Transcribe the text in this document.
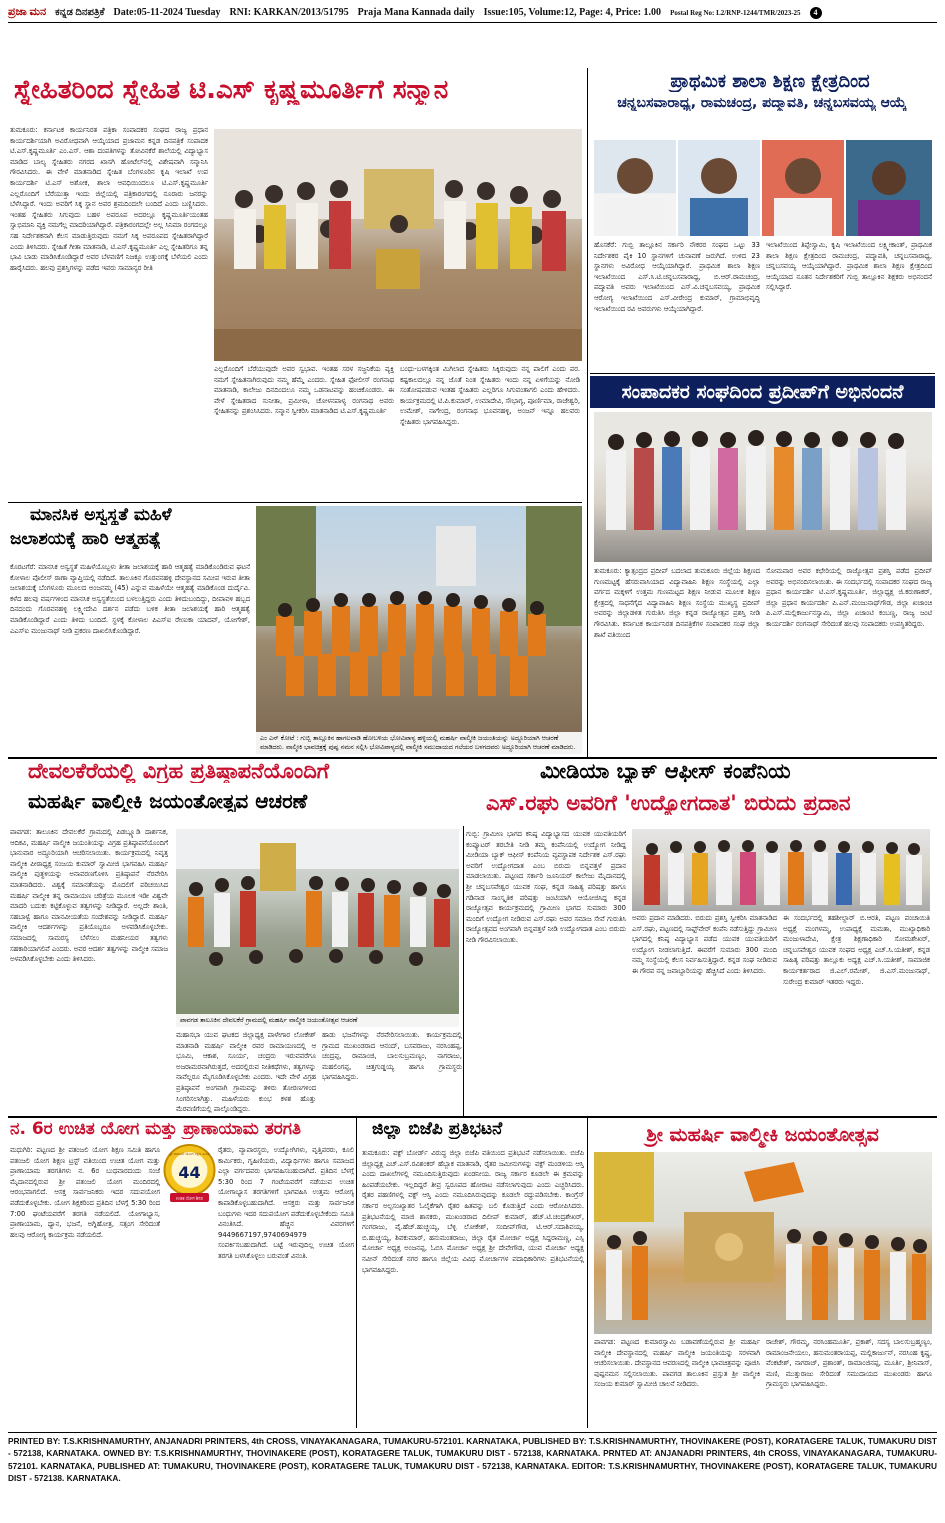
ಪ್ರಜಾ ಮನ ಕನ್ನಡ ದಿನಪತ್ರಿಕೆ Date:05-11-2024 Tuesday RNI: KARKAN/2013/51795 Praja Mana Kannada daily Issue:105, Volume:12, Page: 4, Price: 1.00 Postal Reg No: L2/RNP-1244/TMR/2023-25	4
ಸ್ನೇಹಿತರಿಂದ ಸ್ನೇಹಿತ ಟಿ.ಎಸ್ ಕೃಷ್ಣಮೂರ್ತಿಗೆ ಸನ್ಮಾನ
ತುಮಕೂರು: ಕರ್ನಾಟಕ ಕಾರ್ಯನಿರತ ಪತ್ರಿಕಾ ಸಂಪಾದಕರ ಸಂಘದ ರಾಜ್ಯ ಪ್ರಧಾನ ಕಾರ್ಯದರ್ಶಿಯಾಗಿ ಅವಿರೋಧವಾಗಿ ಆಯ್ಕೆಯಾದ ಪ್ರಜಾಮನ ಕನ್ನಡ ದಿನಪತ್ರಿಕೆ ಸಂಪಾದಕ ಟಿ.ಎಸ್.ಕೃಷ್ಣಮೂರ್ತಿ ಎಂ.ಎಸ್. ಆಶಾ ದಂಪತಿಗಳನ್ನು ತೋವಿನಕೆರೆ ಶಾಲೆಯಲ್ಲಿ ವಿದ್ಯಾಭ್ಯಾಸ ಮಾಡಿದ ಬಾಲ್ಯ ಸ್ನೇಹಿತರು ನಗರದ ಖಾಸಗಿ ಹೋಟೆಲ್‌ನಲ್ಲಿ ವಿಶೇಷವಾಗಿ ಸನ್ಮಾನಿಸಿ ಗೌರವಿಸಿದರು. ಈ ವೇಳೆ ಮಾತನಾಡಿದ ಸ್ನೇಹಿತ ಬೆಂಗಳೂರಿನ ಕೃಷಿ ಇಲಾಖೆ ಉಪ ಕಾರ್ಯದರ್ಶಿ ಟಿ.ಎಸ್ ಅಶೋಕ, ಶಾಲಾ ಆವಧಿಯಿಂದಲೂ ಟಿ.ಎಸ್.ಕೃಷ್ಣಮೂರ್ತಿ ಎಲ್ಲರೊಂದಿಗೆ ಬೆರೆಯುತ್ತಾ ಇಂದು ಜಿಲ್ಲೆಯಲ್ಲಿ ಪತ್ರಿಕಾರಂಗದಲ್ಲಿ ನೂರಾರು ಜನರನ್ನು ಬೆಳೆಸಿದ್ದಾರೆ. ಇಂದು ಅವರಿಗೆ ಸಿಕ್ಕ ಸ್ಥಾನ ಅವರ ಶ್ರಮದಿಂದಲೇ ಬಂದಿದೆ ಎಂದು ಬಣ್ಣಿಸಿದರು. ಇಂತಹ ಸ್ನೇಹಿತರು ಸಿಗುವುದು ಬಹಳ ಅಪರೂಪ ಅದರಲ್ಲೂ ಕೃಷ್ಣಮೂರ್ತಿಯಂತಹ ಸ್ವಾಭಿಮಾನಿ ವ್ಯಕ್ತಿ ನಮಗೆಲ್ಲ ಮಾದರಿಯಾಗಿದ್ದಾರೆ. ಪತ್ರಿಕಾರಂಗದಲ್ಲೇ ಅಲ್ಲ ಸಿನಿಮಾ ರಂಗದಲ್ಲೂ ಸಹ ನಿರ್ದೇಶಕನಾಗಿ ಕೆಲಸ ಮಾಡುತ್ತಿರುವುದು ನಮಗೆ ಸಿಕ್ಕ ಅಪರೂಪದ ಸ್ನೇಹಿತರಾಗಿದ್ದಾರೆ ಎಂದು ತಿಳಿಸಿದರು. ಸ್ನೇಹಿತೆ ಗೀತಾ ಮಾತನಾಡಿ, ಟಿ.ಎಸ್.ಕೃಷ್ಣಮೂರ್ತಿ ಎಲ್ಲ ಸ್ನೇಹಿತರಿಗೂ ತನ್ನ ಭಾವಿ ಬಾಡು ಮಾಡಿಸಿಕೊಂಡಿದ್ದಾರೆ ಅವರ ಬೆಳವಣಿಗೆ ನಿಜಕ್ಕೂ ಉತ್ತುಂಗಕ್ಕೆ ಬೆಳೆಯಲಿ ಎಂದು ಹಾರೈಸಿದರು. ಹಲವು ಪ್ರಶಸ್ತಿಗಳನ್ನು ಪಡೆದ ಇವರು ಸಾಮಾನ್ಯರ ರೀತಿ
ಎಲ್ಲರೊಂದಿಗೆ ಬೆರೆಯುವುದೇ ಅವರ ಸ್ವಭಾವ. ಇಂತಹ ಸರಳ ಸಜ್ಜನಿಕೆಯ ವ್ಯಕ್ತಿ ನಮಗೆ ಸ್ನೇಹಿತನಾಗಿರುವುದು ನಮ್ಮ ಹೆಮ್ಮೆ ಎಂದರು. ಸ್ನೇಹಿತ ಫೋಲೀಸ್ ರಂಗನಾಥ ಮಾತನಾಡಿ, ಕಾಲೇಜು ದಿನದಿಂದಲೂ ನಮ್ಮ ಒಡನಾಟವನ್ನು ಹಂಚಿಕೊಂಡರು. ಈ ವೇಳೆ ಸ್ನೇಹಿತರಾದ ಸುನೀತಾ, ಪ್ರಮೀಳಾ, ಚೋಳನಪಾಳ್ಯ ರಂಗನಾಥ ಅವರು ಸ್ನೇಹಿತನನ್ನು ಪ್ರಶಂಸಿಸಿದರು. ಸನ್ಮಾನ ಸ್ವೀಕರಿಸಿ ಮಾತನಾಡಿದ ಟಿ.ಎಸ್.ಕೃಷ್ಣಮೂರ್ತಿ
ಬಂಧು-ಬಳಗಕ್ಕಿಂತ ಮಿಗಿಲಾದ ಸ್ನೇಹಿತರು ಸಿಕ್ಕಿರುವುದು ನನ್ನ ಪಾಲಿಗೆ ಎಂದು ಪರ. ಕಷ್ಟಕಾಲದಲ್ಲೂ ನನ್ನ ಜೊತೆ ನಿಂತ ಸ್ನೇಹಿತರು ಇಂದು ನನ್ನ ಏಳಿಗೆಯನ್ನು ನೋಡಿ ಸಂತೋಷಪಡುವ ಇಂತಹ ಸ್ನೇಹಿತರು ಎಲ್ಲರಿಗೂ ಸಿಗುವಂತಾಗಲಿ ಎಂದು ಹೇಳಿದರು. ಕಾರ್ಯಕ್ರಮದಲ್ಲಿ ಟಿ.ಪಿ.ಕುಮಾರ್, ಉಮಾದೇವಿ, ಸೌಭಾಗ್ಯ, ಪೂರ್ಣಿಮಾ, ರಾಜೇಶ್ವರಿ, ಉಮೇಶ್, ನಾಗೇಂದ್ರ, ರಂಗನಾಥ ಭೂವನಹಳ್ಳಿ, ಅಂಜನ್ ಇನ್ನೂ ಹಲವರು ಸ್ನೇಹಿತರು ಭಾಗವಹಿಸಿದ್ದರು.
ಮಾನಸಿಕ ಅಸ್ವಸ್ಥತೆ ಮಹಿಳೆ
ಜಲಾಶಯಕ್ಕೆ ಹಾರಿ ಆತ್ಮಹತ್ಯೆ
ಕೊರಟಗೆರೆ: ಮಾನಸಿಕ ಅಸ್ವಸ್ಥತೆ ಮಹಿಳೆಯೊಬ್ಬಳು ತೀತಾ ಜಲಾಶಯಕ್ಕೆ ಹಾರಿ ಆತ್ಮಹತ್ಯೆ ಮಾಡಿಕೊಂಡಿರುವ ಘಟನೆ ಕೋಳಾಲ ಪೊಲೀಸ್ ಠಾಣಾ ವ್ಯಾಪ್ತಿಯಲ್ಲಿ ನಡೆದಿದೆ. ತಾಲೂಕಿನ ಗೊರವನಹಳ್ಳಿ ದೇವಸ್ಥಾನದ ಸಮೀಪ ಇರುವ ತೀತಾ ಜಲಾಶಯಕ್ಕೆ ಬೆಂಗಳೂರು ಮೂಲದ ಅಂಜನಮ್ಮ (45) ಎನ್ನುವ ಮಹಿಳೆಯೇ ಆತ್ಮಹತ್ಯೆ ಮಾಡಿಕೊಂಡ ದುರ್ದೈವಿ. ಕಳೆದ ಹಲವು ವರ್ಷಗಳಿಂದ ಮಾನಸಿಕ ಅಸ್ವಸ್ಥತೆಯಿಂದ ಬಳಲುತ್ತಿದ್ದರು ಎಂದು ತಿಳಿದುಬಂದಿದ್ದು, ದೀಪಾವಳಿ ಹಬ್ಬದ ದಿನದಂದು ಗೊರವನಹಳ್ಳಿ ಲಕ್ಷ್ಮೀದೇವಿ ದರ್ಶನ ಪಡೆದು ಬಳಿಕ ತೀತಾ ಜಲಾಶಯಕ್ಕೆ ಹಾರಿ ಆತ್ಮಹತ್ಯೆ ಮಾಡಿಕೊಂಡಿದ್ದಾರೆ ಎಂದು ತಿಳಿದು ಬಂದಿದೆ. ಸ್ಥಳಕ್ಕೆ ಕೋಳಾಲ ಪಿಎಸ್ಐ ರೇಣುಕಾ ಯಾದವ್, ಯೋಗೇಶ್, ಎಎಸ್ಐ ಮಂಜುನಾಥ್ ನೀಡಿ ಪ್ರಕರಣ ದಾಖಲಿಸಿಕೊಂಡಿದ್ದಾರೆ.
ಎಂ ಎನ್ ಕೋಟೆ : ಗುಬ್ಬಿ ತಾಲ್ಲೂಕಿನ ಹಾಗಲವಾಡಿ ಹೋಬಳಿಯ ಭೋವಿಪಾಳ್ಯ ಹಳ್ಳಿಯಲ್ಲಿ ಮಹರ್ಷಿ ವಾಲ್ಮೀಕಿ ಜಯಂತಿಯನ್ನು ಅದ್ದೂರಿಯಾಗಿ ಆಚರಣೆ ಮಾಡಿದರು. ವಾಲ್ಮೀಕಿ ಭಾವಚಿತ್ರಕ್ಕೆ ಪುಷ್ಪ ನಮನ ಸಲ್ಲಿಸಿ ಭೋವಿಪಾಳ್ಯದಲ್ಲಿ ವಾಲ್ಮೀಕಿ ಸಮುದಾಯದ ಗಲೆಯರ ಬಳಗದವರು ಅದ್ದೂರಿಯಾಗಿ ಆಚರಣೆ ಮಾಡಿದರು.
ಪ್ರಾಥಮಿಕ ಶಾಲಾ ಶಿಕ್ಷಣ ಕ್ಷೇತ್ರದಿಂದ
ಚನ್ನಬಸವಾರಾಧ್ಯ, ರಾಮಚಂದ್ರ, ಪದ್ಮಾವತಿ, ಚನ್ನಬಸವಯ್ಯ ಆಯ್ಕೆ
ಹೊಸಕೆರೆ: ಗುಬ್ಬಿ ತಾಲ್ಲೂಕಿನ ಸರ್ಕಾರಿ ನೌಕರರ ಸಂಘದ ಒಟ್ಟು 33 ನಿರ್ದೇಶಕರ ಪೈಕಿ 10 ಸ್ಥಾನಗಳಿಗೆ ಚುನಾವಣೆ ಜರುಗಿದೆ. ಉಳಿದ 23 ಸ್ಥಾನಗಳು ಅವಿರೋಧ ಆಯ್ಕೆಯಾಗಿದ್ದಾರೆ. ಪ್ರಾಥಮಿಕ ಶಾಲಾ ಶಿಕ್ಷಣ ಇಲಾಖೆಯಿಂದ ಎಸ್.ಸಿ.ಟಿ.ಚನ್ನಬಸವಾರಾಧ್ಯ, ಬಿ.ಆರ್.ರಾಮಚಂದ್ರ, ಪದ್ಮಾವತಿ ಅವರು ಇಲಾಖೆಯಿಂದ ಎಸ್.ವಿ.ಚನ್ನಬಸವಯ್ಯ, ಪ್ರಾಥಮಿಕ ಆರೋಗ್ಯ ಇಲಾಖೆಯಿಂದ ಎಸ್.ವೀರೇಂದ್ರ ಕುಮಾರ್, ಗ್ರಾಮಾಭಿವೃದ್ಧಿ ಇಲಾಖೆಯಿಂದ ರವಿ ಅವರುಗಳು ಆಯ್ಕೆಯಾಗಿದ್ದಾರೆ.
ಇಲಾಖೆಯಿಂದ ತಿಪ್ಪೇಸ್ವಾಮಿ, ಕೃಷಿ ಇಲಾಖೆಯಿಂದ ಲಕ್ಷ್ಮೀಕಾಂತ್, ಪ್ರಾಥಮಿಕ ಶಾಲಾ ಶಿಕ್ಷಣ ಕ್ಷೇತ್ರದಿಂದ ರಾಮಚಂದ್ರ, ಪದ್ಮಾವತಿ, ಚನ್ನಬಸವಾರಾಧ್ಯ, ಚನ್ನಬಸವಯ್ಯ ಆಯ್ಕೆಯಾಗಿದ್ದಾರೆ. ಪ್ರಾಥಮಿಕ ಶಾಲಾ ಶಿಕ್ಷಣ ಕ್ಷೇತ್ರದಿಂದ ಆಯ್ಕೆಯಾದ ನೂತನ ನಿರ್ದೇಶಕರಿಗೆ ಗುಬ್ಬಿ ತಾಲ್ಲೂಕಿನ ಶಿಕ್ಷಕರು ಅಭಿನಂದನೆ ಸಲ್ಲಿಸಿದ್ದಾರೆ.
ಸಂಪಾದಕರ ಸಂಘದಿಂದ ಪ್ರದೀಪ್‌ಗೆ ಅಭಿನಂದನೆ
ತುಮಕೂರು: ಕ್ಯಾತ್ಸಂದ್ರದ ಪ್ರದೀಪ್ ಬದಲಾದ ತುಮಕೂರು ಜಿಲ್ಲೆಯ ಶಿಕ್ಷಣದ ಗುಣಮಟ್ಟಕ್ಕೆ ಹೆಸರುವಾಸಿಯಾದ ವಿದ್ಯಾವಾಹಿನಿ ಶಿಕ್ಷಣ ಸಂಸ್ಥೆಯಲ್ಲಿ ಎಲ್ಲಾ ವರ್ಗದ ಮಕ್ಕಳಿಗೆ ಉತ್ತಮ ಗುಣಮಟ್ಟದ ಶಿಕ್ಷಣ ನೀಡುವ ಮೂಲಕ ಶಿಕ್ಷಣ ಕ್ಷೇತ್ರದಲ್ಲಿ ಸಾಧನೆಗೈದ ವಿದ್ಯಾವಾಹಿನಿ ಶಿಕ್ಷಣ ಸಂಸ್ಥೆಯ ಮುಖ್ಯಸ್ಥ ಪ್ರದೀಪ್ ಅವರನ್ನು ಜಿಲ್ಲಾಡಳಿತ ಗುರುತಿಸಿ ಜಿಲ್ಲಾ ಕನ್ನಡ ರಾಜ್ಯೋತ್ಸವ ಪ್ರಶಸ್ತಿ ನೀಡಿ ಗೌರವಿಸಿತು. ಕರ್ನಾಟಕ ಕಾರ್ಯನಿರತ ದಿನಪತ್ರಿಕೆಗಳ ಸಂಪಾದಕರ ಸಂಘ ಜಿಲ್ಲಾ ಶಾಖೆ ವತಿಯಿಂದ
ಸೋಮವಾರ ಅವರ ಕಛೇರಿಯಲ್ಲಿ ರಾಜ್ಯೋತ್ಸವ ಪ್ರಶಸ್ತಿ ಪಡೆದ ಪ್ರದೀಪ್ ಅವರನ್ನು ಅಭಿನಂದಿಸಲಾಯಿತು. ಈ ಸಂದರ್ಭದಲ್ಲಿ ಸಂಪಾದಕರ ಸಂಘದ ರಾಜ್ಯ ಪ್ರಧಾನ ಕಾರ್ಯದರ್ಶಿ ಟಿ.ಎಸ್.ಕೃಷ್ಣಮೂರ್ತಿ, ಜಿಲ್ಲಾಧ್ಯಕ್ಷ ಜಿ.ಕರುಣಾಕರ್, ಜಿಲ್ಲಾ ಪ್ರಧಾನ ಕಾರ್ಯದರ್ಶಿ ಪಿ.ಎನ್.ಮಂಜುನಾಥ್‌ಗೌಡ, ಜಿಲ್ಲಾ ಖಜಾಂಚಿ ಪಿ.ಎಸ್.ಮಲ್ಲಿಕಾರ್ಜುನಸ್ವಾಮಿ, ಜಿಲ್ಲಾ ಏಜಾಂಟಿ ಕಂಬಣ್ಣ, ರಾಜ್ಯ ಜಂಟಿ ಕಾರ್ಯದರ್ಶಿ ರಂಗನಾಥ್ ಸೇರಿದಂತೆ ಹಲವು ಸಂಪಾದಕರು ಉಪಸ್ಥಿತರಿದ್ದರು.
ದೇವಲಕೆರೆಯಲ್ಲಿ ವಿಗ್ರಹ ಪ್ರತಿಷ್ಠಾಪನೆಯೊಂದಿಗೆ
ಮಹರ್ಷಿ ವಾಲ್ಮೀಕಿ ಜಯಂತೋತ್ಸವ ಆಚರಣೆ
ಪಾವಗಡ: ತಾಲೂಕಿನ ದೇವಲಕೆರೆ ಗ್ರಾಮದಲ್ಲಿ ಪಿಡಬ್ಲ್ಯೂಡಿ ದಾರ್ಶನಿಕ, ಆದಿಕವಿ, ಮಹರ್ಷಿ ವಾಲ್ಮೀಕಿ ಜಯಂತಿಯನ್ನು ವಿಗ್ರಹ ಪ್ರತಿಷ್ಠಾಪನೆಯೊಂದಿಗೆ ಭಾನುವಾರ ಅದ್ಧೂರಿಯಾಗಿ ಆಚರಿಸಲಾಯಿತು. ಕಾರ್ಯಕ್ರಮದಲ್ಲಿ ನಿವೃತ್ತ ವಾಲ್ಮೀಕಿ ಪೀಠಾಧ್ಯಕ್ಷ ಸಂಜಯ ಕುಮಾರ್ ಸ್ವಾಮೀಜಿ ಭಾಗವಹಿಸಿ ಮಹರ್ಷಿ ವಾಲ್ಮೀಕಿ ಪುತ್ಥಳಿಯನ್ನು ಅನಾವರಣಗೊಳಿಸಿ ಪ್ರತಿಷ್ಠಾಪನೆ ನೆರವೇರಿಸಿ ಮಾತನಾಡಿದರು. ವಿಶ್ವಕ್ಕೆ ಸಮಾನತೆಯನ್ನು ಮೊದಲಿಗೆ ಪರಿಚಯಿಸಿದ ಮಹರ್ಷಿ ವಾಲ್ಮೀಕಿ ತನ್ನ ರಾಮಾಯಣ ಚರಿತ್ರೆಯ ಮೂಲಕ ಇಡೀ ವಿಶ್ವವೇ ಮಾದರಿ ಬದುಕು ಕಟ್ಟಿಕೊಳ್ಳುವ ತತ್ವಗಳನ್ನು ನೀಡಿದ್ದಾರೆ. ಅಲ್ಲದೇ ಶಾಂತಿ, ಸಹಬಾಳ್ವೆ ಹಾಗೂ ಮಾನವೀಯತೆಯ ಸಂದೇಶವನ್ನು ನೀಡಿದ್ದಾರೆ. ಮಹರ್ಷಿ ವಾಲ್ಮೀಕಿ ಆದರ್ಶಗಳನ್ನು ಪ್ರತಿಯೊಬ್ಬರೂ ಅಳವಡಿಸಿಕೊಳ್ಳಬೇಕು. ಸಮಾಜದಲ್ಲಿ ಸಾಮರಸ್ಯ ಬೆಳೆಸಲು ಮಹನೀಯರ ತತ್ವಗಳು ಸಹಕಾರಿಯಾಗಲಿವೆ ಎಂದರು. ಅವರ ಆದರ್ಶ ತತ್ವಗಳನ್ನು ವಾಲ್ಮೀಕಿ ಸಮಾಜ ಅಳವಡಿಸಿಕೊಳ್ಳಬೇಕು ಎಂದು ತಿಳಿಸಿದರು.
ಪಾವಗಡ ತಾಲೂಕಿನ ದೇವಲಕೆರೆ ಗ್ರಾಮದಲ್ಲಿ ಮಹರ್ಷಿ ವಾಲ್ಮೀಕಿ ಜಯಂತೋತ್ಸವ ಆಚರಣೆ
ಮಹಾಸಭಾ ಯುವ ಘಟಕದ ಜಿಲ್ಲಾಧ್ಯಕ್ಷ ಪಾಳೇಗಾರ ಲೋಕೇಶ್ ಮಾತನಾಡಿ ಮಹರ್ಷಿ ವಾಲ್ಮೀಕಿ ರವರ ರಾಮಾಯಣದಲ್ಲಿ ಆ ಭೂಮಿ, ಆಕಾಶ, ಸೂರ್ಯ, ಚಂದ್ರರು ಇರುವವರೆಗೂ ಅಜರಾಮರವಾಗಿರುತ್ತದೆ, ಅದರಲ್ಲಿರುವ ನೀತಿಕಥೆಗಳು, ತತ್ವಗಳನ್ನು ನಾವೆಲ್ಲರೂ ಮೈಗೂಡಿಸಿಕೊಳ್ಳಬೇಕು ಎಂದರು. ಇದೇ ವೇಳೆ ವಿಗ್ರಹ ಪ್ರತಿಷ್ಠಾಪನೆ ಅಂಗವಾಗಿ ಗ್ರಾಮವನ್ನು ತಳಿರು ತೋರಣಗಳಿಂದ ಸಿಂಗರಿಸಲಾಗಿತ್ತು. ಮಹಿಳೆಯರು ಕುಂಭ ಕಳಶ ಹೊತ್ತು ಮೆರವಣಿಗೆಯಲ್ಲಿ ಪಾಲ್ಗೊಂಡಿದ್ದರು.
ಹಾಡು ಭಜನೆಗಳನ್ನು ನೆರವೇರಿಸಲಾಯಿತು. ಕಾರ್ಯಕ್ರಮದಲ್ಲಿ ಗ್ರಾಮದ ಮುಖಂಡರಾದ ಆನಂದ್, ಬಸವರಾಜು, ನರಸಿಂಹಪ್ಪ, ಚಂದ್ರಪ್ಪ, ರಾಮಾಂಜಿ, ಬಾಲಸುಬ್ರಮಣ್ಯಂ, ನಾಗರಾಜು, ಮಹಲಿಂಗಪ್ಪ, ಚಿತ್ತಗುಡ್ಡಯ್ಯ ಹಾಗೂ ಗ್ರಾಮಸ್ಥರು ಭಾಗವಹಿಸಿದ್ದರು.
ಮೀಡಿಯಾ ಬ್ಯಾಕ್ ಆಫೀಸ್ ಕಂಪೆನಿಯ
ಎಸ್.ರಘು ಅವರಿಗೆ 'ಉದ್ಯೋಗದಾತ' ಬಿರುದು ಪ್ರದಾನ
ಗುಬ್ಬಿ: ಗ್ರಾಮೀಣ ಭಾಗದ ಕನಿಷ್ಠ ವಿದ್ಯಾಭ್ಯಾಸದ ಯುವಕ ಯುವತಿಯರಿಗೆ ಕಂಪ್ಯೂಟರ್ ತರಬೇತಿ ನೀಡಿ ತಮ್ಮ ಕಂಪೆನಿಯಲ್ಲಿ ಉದ್ಯೋಗ ನೀಡಿದ್ದ ಮೀಡಿಯಾ ಬ್ಯಾಕ್ ಆಫೀಸ್ ಕಂಪೆನಿಯ ವ್ಯವಸ್ಥಾಪಕ ನಿರ್ದೇಶಕ ಎಸ್.ರಘು ಅವರಿಗೆ ಉದ್ಯೋಗದಾತ ಎಂಬ ಬಿರುದು ಬಿನ್ನವತ್ತಳೆ ಪ್ರದಾನ ಮಾಡಲಾಯಿತು. ಪಟ್ಟಣದ ಸರ್ಕಾರಿ ಜೂನಿಯರ್ ಕಾಲೇಜು ಮೈದಾನದಲ್ಲಿ ಶ್ರೀ ಚನ್ನಬಸವೇಶ್ವರ ಯುವಕ ಸಂಘ, ಕನ್ನಡ ಸಾಹಿತ್ಯ ಪರಿಷತ್ತು ಹಾಗೂ ಗಡಿನಾಡ ಸಾಂಸ್ಕೃತಿಕ ಪರಿಷತ್ತು ಜಂಟಿಯಾಗಿ ಆಯೋಜಿಸಿದ್ದ ಕನ್ನಡ ರಾಜ್ಯೋತ್ಸವ ಕಾರ್ಯಕ್ರಮದಲ್ಲಿ ಗ್ರಾಮೀಣ ಭಾಗದ ಸುಮಾರು 300 ಮಂದಿಗೆ ಉದ್ಯೋಗ ನೀಡಿರುವ ಎಸ್.ರಘು ಅವರ ಸಮಾಜ ಸೇವೆ ಗುರುತಿಸಿ ರಾಜ್ಯೋತ್ಸವದ ಅಂಗವಾಗಿ ಬಿನ್ನವತ್ತಳೆ ನೀಡಿ ಉದ್ಯೋಗದಾತ ಎಂಬ ಬಿರುದು ನೀಡಿ ಗೌರವಿಸಲಾಯಿತು.
ಅವರು ಪ್ರದಾನ ಮಾಡಿದರು. ಬಿರುದು ಪ್ರಶಸ್ತಿ ಸ್ವೀಕರಿಸಿ ಮಾತನಾಡಿದ ಎಸ್.ರಘು, ಪಟ್ಟಣದಲ್ಲಿ ಸಾಫ್ಟ್‌ವೇರ್ ಕಂಪೆನಿ ನಡೆಸುತ್ತಿದ್ದು ಗ್ರಾಮೀಣ ಭಾಗದಲ್ಲಿ ಕನಿಷ್ಠ ವಿದ್ಯಾಭ್ಯಾಸ ಪಡೆದ ಯುವಕ ಯುವತಿಯರಿಗೆ ಉದ್ಯೋಗ ನೀಡಲಾಗುತ್ತಿದೆ. ಈವರೆಗೆ ಸುಮಾರು 300 ಮಂದಿ ನಮ್ಮ ಸಂಸ್ಥೆಯಲ್ಲಿ ಕೆಲಸ ನಿರ್ವಹಿಸುತ್ತಿದ್ದಾರೆ. ಕನ್ನಡ ಸಂಘ ನೀಡಿರುವ ಈ ಗೌರವ ನನ್ನ ಜವಾಬ್ದಾರಿಯನ್ನು ಹೆಚ್ಚಿಸಿದೆ ಎಂದು ತಿಳಿಸಿದರು.
ಈ ಸಂದರ್ಭದಲ್ಲಿ ತಹಶೀಲ್ದಾರ್ ಬಿ.ಆರತಿ, ಪಟ್ಟಣ ಪಂಚಾಯಿತಿ ಅಧ್ಯಕ್ಷೆ ಮಂಗಳಮ್ಮ, ಉಪಾಧ್ಯಕ್ಷೆ ಮಮತಾ, ಮುಖ್ಯಾಧಿಕಾರಿ ಮಂಜುಳಾದೇವಿ, ಕ್ಷೇತ್ರ ಶಿಕ್ಷಣಾಧಿಕಾರಿ ಸೋಮಶೇಖರ್, ಚನ್ನಬಸವೇಶ್ವರ ಯುವಕ ಸಂಘದ ಅಧ್ಯಕ್ಷ ಎಚ್.ಸಿ.ಯತೀಶ್, ಕನ್ನಡ ಸಾಹಿತ್ಯ ಪರಿಷತ್ತು ತಾಲ್ಲೂಕು ಅಧ್ಯಕ್ಷ ಎಚ್.ಸಿ.ಯತೀಶ್, ಸಾಮಾಜಿಕ ಕಾರ್ಯಕರ್ತರಾದ ಜಿ.ಎಲ್.ರಮೇಶ್, ಜಿ.ಎಸ್.ಮಂಜುನಾಥ್, ಸುರೇಂದ್ರ ಕುಮಾರ್ ಇತರರು ಇದ್ದರು.
ನ. 6ರ ಉಚಿತ ಯೋಗ ಮತ್ತು ಪ್ರಾಣಾಯಾಮ ತರಗತಿ
ಮಧುಗಿರಿ: ಪಟ್ಟಣದ ಶ್ರೀ ಪತಂಜಲಿ ಯೋಗ ಶಿಕ್ಷಣ ಸಮಿತಿ ಹಾಗೂ ಪತಂಜಲಿ ಯೋಗ ಶಿಕ್ಷಣ ಟ್ರಸ್ಟ್ ವತಿಯಿಂದ ಉಚಿತ ಯೋಗ ಮತ್ತು ಪ್ರಾಣಾಯಾಮ ತರಗತಿಗಳು ನ. 6ರ ಬುಧವಾರದಂದು ಸಂಜೆ ಮೈದಾನದಲ್ಲಿರುವ ಶ್ರೀ ಪತಂಜಲಿ ಯೋಗ ಮಂದಿರದಲ್ಲಿ ಆರಂಭವಾಗಲಿದೆ. ಆಸಕ್ತ ಸಾರ್ವಜನಿಕರು ಇದರ ಸದುಪಯೋಗ ಪಡೆದುಕೊಳ್ಳಬೇಕು. ಯೋಗ ಶಿಕ್ಷಕರಿಂದ ಪ್ರತಿದಿನ ಬೆಳಗ್ಗೆ 5:30 ರಿಂದ 7:00 ಘಂಟೆಯವರೆಗೆ ತರಗತಿ ನಡೆಯಲಿದೆ. ಯೋಗಾಭ್ಯಾಸ, ಪ್ರಾಣಾಯಾಮ, ಧ್ಯಾನ, ಭಜನೆ, ಅಗ್ನಿಹೋತ್ರ, ಸತ್ಸಂಗ ಸೇರಿದಂತೆ ಹಲವು ಆರೋಗ್ಯ ಕಾರ್ಯಕ್ರಮ ನಡೆಯಲಿದೆ.
ಶ್ರೀ ಪತಂಜಲಿ ಯೋಗ ಶಿಕ್ಷಣ ಸಮಿತಿ
44
ಉಚಿತ ಯೋಗ ಶಿಬಿರ
ರೈತರು, ವ್ಯಾಪಾರಸ್ಥರು, ಉದ್ಯೋಗಿಗಳು, ವೃತ್ತಿಪರರು, ಕೂಲಿ ಕಾರ್ಮಿಕರು, ಗೃಹಿಣಿಯರು, ವಿದ್ಯಾರ್ಥಿಗಳು ಹಾಗೂ ಸಮಾಜದ ಎಲ್ಲಾ ವರ್ಗದವರು ಭಾಗವಹಿಸಬಹುದಾಗಿದೆ. ಪ್ರತಿದಿನ ಬೆಳಗ್ಗೆ 5:30 ರಿಂದ 7 ಗಂಟೆಯವರೆಗೆ ನಡೆಯುವ ಉಚಿತ ಯೋಗಾಭ್ಯಾಸ ತರಗತಿಗಳಿಗೆ ಭಾಗವಹಿಸಿ ಉತ್ತಮ ಆರೋಗ್ಯ ಕಾಪಾಡಿಕೊಳ್ಳಬಹುದಾಗಿದೆ. ಆಸಕ್ತರು ಮತ್ತು ಸಾರ್ವಜನಿಕ ಬಂಧುಗಳು ಇದರ ಸದುಪಯೋಗ ಪಡೆದುಕೊಳ್ಳಬೇಕೆಂದು ಸಮಿತಿ ವಿನಂತಿಸಿದೆ. ಹೆಚ್ಚಿನ ವಿವರಗಳಿಗೆ 9449667197,9740694979 ಸಂಪರ್ಕಿಸಬಹುದಾಗಿದೆ. ಬಟ್ಟೆ ಇರುವುದಿಲ್ಲ ಉಚಿತ ಯೋಗ ತರಗತಿ ಬಳಸಿಕೊಳ್ಳಲು ಬರುವಂತೆ ವಿನಂತಿ.
ಜಿಲ್ಲಾ ಬಿಜೆಪಿ ಪ್ರತಿಭಟನೆ
ತುಮಕೂರು: ವಕ್ಫ್ ಬೋರ್ಡ್ ವಿರುದ್ಧ ಜಿಲ್ಲಾ ಬಿಜೆಪಿ ವತಿಯಿಂದ ಪ್ರತಿಭಟನೆ ನಡೆಸಲಾಯಿತು. ಬಿಜೆಪಿ ಜಿಲ್ಲಾಧ್ಯಕ್ಷ ಎಚ್.ಎಸ್.ರವಿಶಂಕರ್ ಹೆಬ್ಬಾಕ ಮಾತನಾಡಿ, ರೈತರ ಜಮೀನುಗಳನ್ನು ವಕ್ಫ್ ಮಂಡಳಿಯ ಆಸ್ತಿ ಎಂದು ದಾಖಲೆಗಳಲ್ಲಿ ನಮೂದಿಸುತ್ತಿರುವುದು ಖಂಡನೀಯ. ರಾಜ್ಯ ಸರ್ಕಾರ ಕೂಡಲೇ ಈ ಕ್ರಮವನ್ನು ಹಿಂಪಡೆಯಬೇಕು. ಇಲ್ಲದಿದ್ದರೆ ತೀವ್ರ ಸ್ವರೂಪದ ಹೋರಾಟ ನಡೆಸಲಾಗುವುದು ಎಂದು ಎಚ್ಚರಿಸಿದರು. ರೈತರ ಪಹಣಿಗಳಲ್ಲಿ ವಕ್ಫ್ ಆಸ್ತಿ ಎಂದು ನಮೂದಿಸಿರುವುದನ್ನು ಕೂಡಲೇ ರದ್ದುಪಡಿಸಬೇಕು. ಕಾಂಗ್ರೆಸ್ ಸರ್ಕಾರ ಅಲ್ಪಸಂಖ್ಯಾತರ ಓಲೈಕೆಗಾಗಿ ರೈತರ ಹಿತವನ್ನು ಬಲಿ ಕೊಡುತ್ತಿದೆ ಎಂದು ಆರೋಪಿಸಿದರು. ಪ್ರತಿಭಟನೆಯಲ್ಲಿ ಮಾಜಿ ಶಾಸಕರು, ಮುಖಂಡರಾದ ದಿಲೀಪ್ ಕುಮಾರ್, ಹೆಚ್.ಟಿ.ಚಂದ್ರಶೇಖರ್, ಗಂಗರಾಜು, ವೈ.ಹೆಚ್.ಹುಚ್ಚಯ್ಯ, ಬೆಳ್ಳಿ ಲೋಕೇಶ್, ಸಂದೀಪ್‌ಗೌಡ, ಟಿ.ಆರ್.ಸದಾಶಿವಯ್ಯ, ಬಿ.ಹುಚ್ಚಯ್ಯ, ಶಿವಕುಮಾರ್, ಹನುಮಂತರಾಜು, ಜಿಲ್ಲಾ ರೈತ ಮೋರ್ಚಾ ಅಧ್ಯಕ್ಷ ಸಿದ್ದರಾಮಣ್ಣ, ಎಸ್ಸಿ ಮೋರ್ಚಾ ಅಧ್ಯಕ್ಷ ಅಂಜನಪ್ಪ, ಓಬಿಸಿ ಮೋರ್ಚಾ ಅಧ್ಯಕ್ಷ ಶ್ರೀ ದೇವೇಗೌಡ, ಯುವ ಮೋರ್ಚಾ ಅಧ್ಯಕ್ಷ ನವೀನ್ ಸೇರಿದಂತೆ ನಗರ ಹಾಗೂ ಜಿಲ್ಲೆಯ ವಿವಿಧ ಮೋರ್ಚಾಗಳ ಪದಾಧಿಕಾರಿಗಳು ಪ್ರತಿಭಟನೆಯಲ್ಲಿ ಭಾಗವಹಿಸಿದ್ದರು.
ಶ್ರೀ ಮಹರ್ಷಿ ವಾಲ್ಮೀಕಿ ಜಯಂತೋತ್ಸವ
ಪಾವಗಡ: ಪಟ್ಟಣದ ಕುಮಾರಸ್ವಾಮಿ ಬಡಾವಣೆಯಲ್ಲಿರುವ ಶ್ರೀ ಮಹರ್ಷಿ ವಾಲ್ಮೀಕಿ ದೇವಸ್ಥಾನದಲ್ಲಿ ಮಹರ್ಷಿ ವಾಲ್ಮೀಕಿ ಜಯಂತಿಯನ್ನು ಸರಳವಾಗಿ ಆಚರಿಸಲಾಯಿತು. ದೇವಸ್ಥಾನದ ಆವರಣದಲ್ಲಿ ವಾಲ್ಮೀಕಿ ಭಾವಚಿತ್ರವನ್ನು ಪೂಜಿಸಿ ಪುಷ್ಪನಮನ ಸಲ್ಲಿಸಲಾಯಿತು. ಪಾವಗಡ ತಾಲೂಕಿನ ಪ್ರಸ್ತುತ ಶ್ರೀ ವಾಲ್ಮೀಕಿ ಸಂಜಯ ಕುಮಾರ್ ಸ್ವಾಮೀಜಿ ಚಾಲನೆ ನೀಡಿದರು.
ರಾಜೇಶ್, ಗೌರಮ್ಮ, ನರಸಿಂಹಮೂರ್ತಿ, ಪ್ರಕಾಶ್, ಸದಸ್ಯ ಬಾಲಸುಬ್ರಹ್ಮಣ್ಯಂ, ರಾಮಾಂಜನೇಯಲು, ಹನುಮಂತರಾಯಪ್ಪ, ಮಲ್ಲಿಕಾರ್ಜುನ್, ನರಸಿಂಹ ಕೃಷ್ಣ, ವೆಂಕಟೇಶ್, ನಾಗರಾಜ್, ಪ್ರಶಾಂತ್, ರಾಮಾಂಜಿನಪ್ಪ, ಮೂರ್ತಿ, ಶ್ರೀನಿವಾಸ್, ಮಣಿ, ಮುತ್ತುರಾಜು ಸೇರಿದಂತೆ ಸಮುದಾಯದ ಮುಖಂಡರು ಹಾಗೂ ಗ್ರಾಮಸ್ಥರು ಭಾಗವಹಿಸಿದ್ದರು.
PRINTED BY: T.S.KRISHNAMURTHY, ANJANADRI PRINTERS, 4th CROSS, VINAYAKANAGARA, TUMAKURU-572101. KARNATAKA, PUBLISHED BY: T.S.KRISHNAMURTHY, THOVINAKERE (POST), KORATAGERE TALUK, TUMAKURU DIST - 572138, KARNATAKA. OWNED BY: T.S.KRISHNAMURTHY, THOVINAKERE (POST), KORATAGERE TALUK, TUMAKURU DIST - 572138, KARNATAKA. PRNTED AT: ANJANADRI PRINTERS, 4th CROSS, VINAYAKANAGARA, TUMAKURU-572101. KARNATAKA, PUBLISHED AT: TUMAKURU, THOVINAKERE (POST), KORATAGERE TALUK, TUMAKURU DIST - 572138, KARNATAKA. EDITOR: T.S.KRISHNAMURTHY, THOVINAKERE (POST), KORATAGERE TALUK, TUMAKURU DIST - 572138. KARNATAKA.
